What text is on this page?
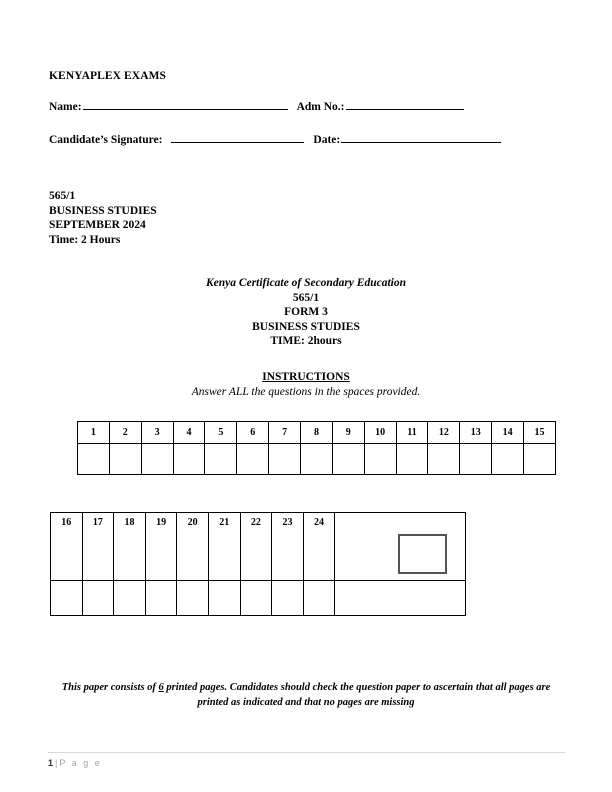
KENYAPLEX EXAMS
Name:	Adm No.:
Candidate’s Signature:	Date:
565/1
BUSINESS STUDIES
SEPTEMBER 2024
Time: 2 Hours
Kenya Certificate of Secondary Education
565/1
FORM 3
BUSINESS STUDIES
TIME: 2hours
INSTRUCTIONS
Answer ALL the questions in the spaces provided.
1	2	3	4	5	6	7	8	9	10	11	12	13	14	15

16	17	18	19	20	21	22	23	24	

This paper consists of 6 printed pages. Candidates should check the question paper to ascertain that all pages are printed as indicated and that no pages are missing
1 | P a g e
